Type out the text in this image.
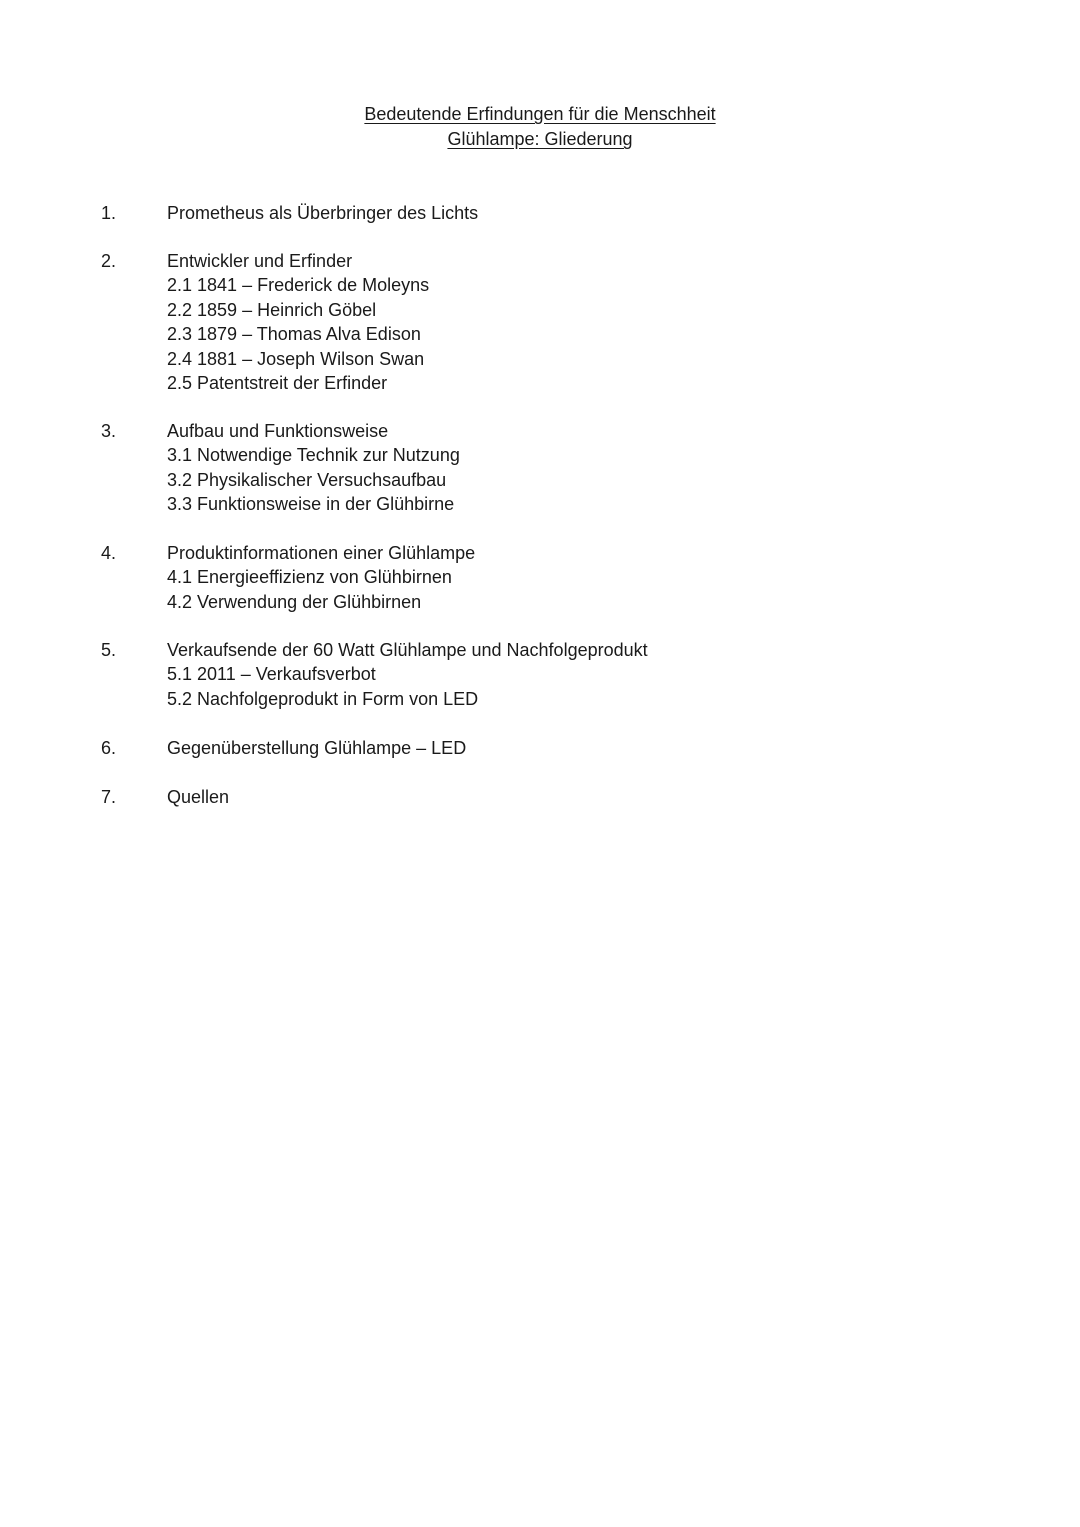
Bedeutende Erfindungen für die Menschheit
Glühlampe: Gliederung
1.	Prometheus als Überbringer des Lichts
2.	Entwickler und Erfinder
2.1 1841 – Frederick de Moleyns
2.2 1859 – Heinrich Göbel
2.3 1879 – Thomas Alva Edison
2.4 1881 – Joseph Wilson Swan
2.5 Patentstreit der Erfinder
3.	Aufbau und Funktionsweise
3.1 Notwendige Technik zur Nutzung
3.2 Physikalischer Versuchsaufbau
3.3 Funktionsweise in der Glühbirne
4.	Produktinformationen einer Glühlampe
4.1 Energieeffizienz von Glühbirnen
4.2 Verwendung der Glühbirnen
5.	Verkaufsende der 60 Watt Glühlampe und Nachfolgeprodukt
5.1 2011 – Verkaufsverbot
5.2 Nachfolgeprodukt in Form von LED
6.	Gegenüberstellung Glühlampe – LED
7.	Quellen
